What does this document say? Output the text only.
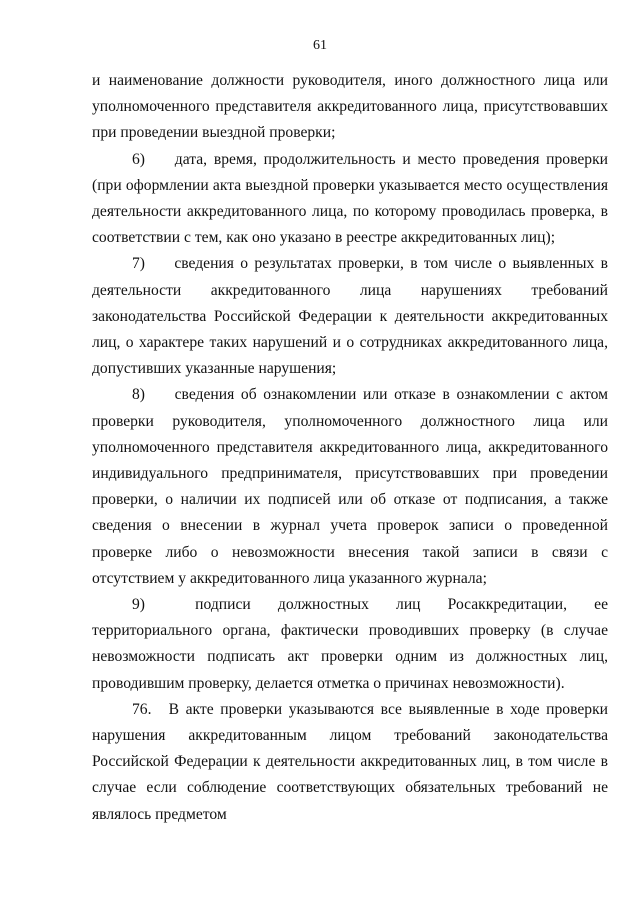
61

и наименование должности руководителя, иного должностного лица или уполномоченного представителя аккредитованного лица, присутствовавших при проведении выездной проверки;

6) дата, время, продолжительность и место проведения проверки (при оформлении акта выездной проверки указывается место осуществления деятельности аккредитованного лица, по которому проводилась проверка, в соответствии с тем, как оно указано в реестре аккредитованных лиц);

7) сведения о результатах проверки, в том числе о выявленных в деятельности аккредитованного лица нарушениях требований законодательства Российской Федерации к деятельности аккредитованных лиц, о характере таких нарушений и о сотрудниках аккредитованного лица, допустивших указанные нарушения;

8) сведения об ознакомлении или отказе в ознакомлении с актом проверки руководителя, уполномоченного должностного лица или уполномоченного представителя аккредитованного лица, аккредитованного индивидуального предпринимателя, присутствовавших при проведении проверки, о наличии их подписей или об отказе от подписания, а также сведения о внесении в журнал учета проверок записи о проведенной проверке либо о невозможности внесения такой записи в связи с отсутствием у аккредитованного лица указанного журнала;

9)	подписи должностных лиц Росаккредитации, ее территориального органа, фактически проводивших проверку (в случае невозможности подписать акт проверки одним из должностных лиц, проводившим проверку, делается отметка о причинах невозможности).

76. В акте проверки указываются все выявленные в ходе проверки нарушения аккредитованным лицом требований законодательства Российской Федерации к деятельности аккредитованных лиц, в том числе в случае если соблюдение соответствующих обязательных требований не являлось предметом
